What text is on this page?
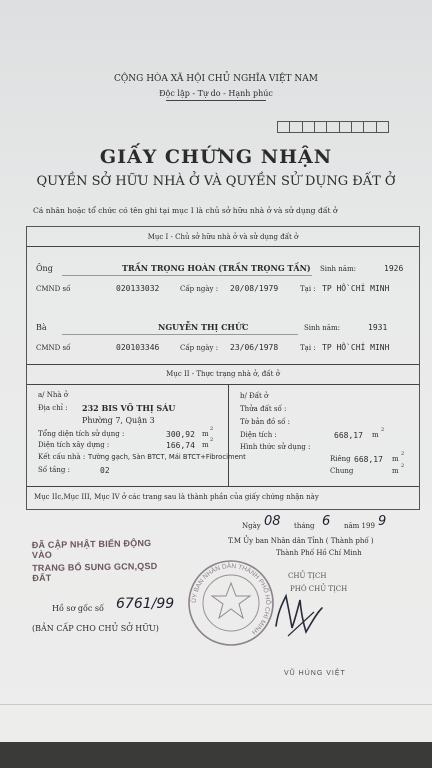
CỘNG HÒA XÃ HỘI CHỦ NGHĨA VIỆT NAM
Độc lập - Tự do - Hạnh phúc
GIẤY CHỨNG NHẬN
QUYỀN SỞ HỮU NHÀ Ở VÀ QUYỀN SỬ DỤNG ĐẤT Ở
Cá nhân hoặc tổ chức có tên ghi tại mục I là chủ sở hữu nhà ở và sử dụng đất ở
Mục I - Chủ sở hữu nhà ở và sử dụng đất ở
Ông	TRẦN TRỌNG HOÀN (TRẦN TRỌNG TẤN) Sinh năm:	1926
CMND số	020133032	Cấp ngày : 20/08/1979	Tại : TP HỒ CHÍ MINH
Bà	NGUYỄN THỊ CHỨC	Sinh năm:	1931
CMND số	020103346	Cấp ngày : 23/06/1978	Tại : TP HỒ CHÍ MINH
Mục II - Thực trạng nhà ở, đất ở
a/ Nhà ở
Địa chỉ : 232 BIS VÕ THỊ SÁU
Phường 7, Quận 3
Tổng diện tích sử dụng :	300,92 m
2
Diện tích xây dựng :	166,74 m
2
Kết cấu nhà : Tường gạch, Sàn BTCT, Mái BTCT+Fibrociment
Số tầng :	02
b/ Đất ở
Thửa đất số :
Tờ bản đồ số :
Diện tích :	668,17 m
2
Hình thức sử dụng :
Riêng 668,17 m
2
Chung	m
2
Mục IIc,Mục III, Mục IV ở các trang sau là thành phần của giấy chứng nhận này
Ngày 08 tháng 6 năm 199 9
T.M Ủy ban Nhân dân Tỉnh ( Thành phố )
Thành Phố Hồ Chí Minh
CHỦ TỊCH
PHÓ CHỦ TỊCH
ĐÃ CẬP NHẬT BIẾN ĐỘNG VÀO
TRANG BỔ SUNG GCN,QSD ĐẤT
ỦY BAN NHÂN DÂN THÀNH PHỐ HỒ CHÍ MINH
VŨ HÙNG VIỆT
Hồ sơ gốc số 6761/99
(BẢN CẤP CHO CHỦ SỞ HỮU)
